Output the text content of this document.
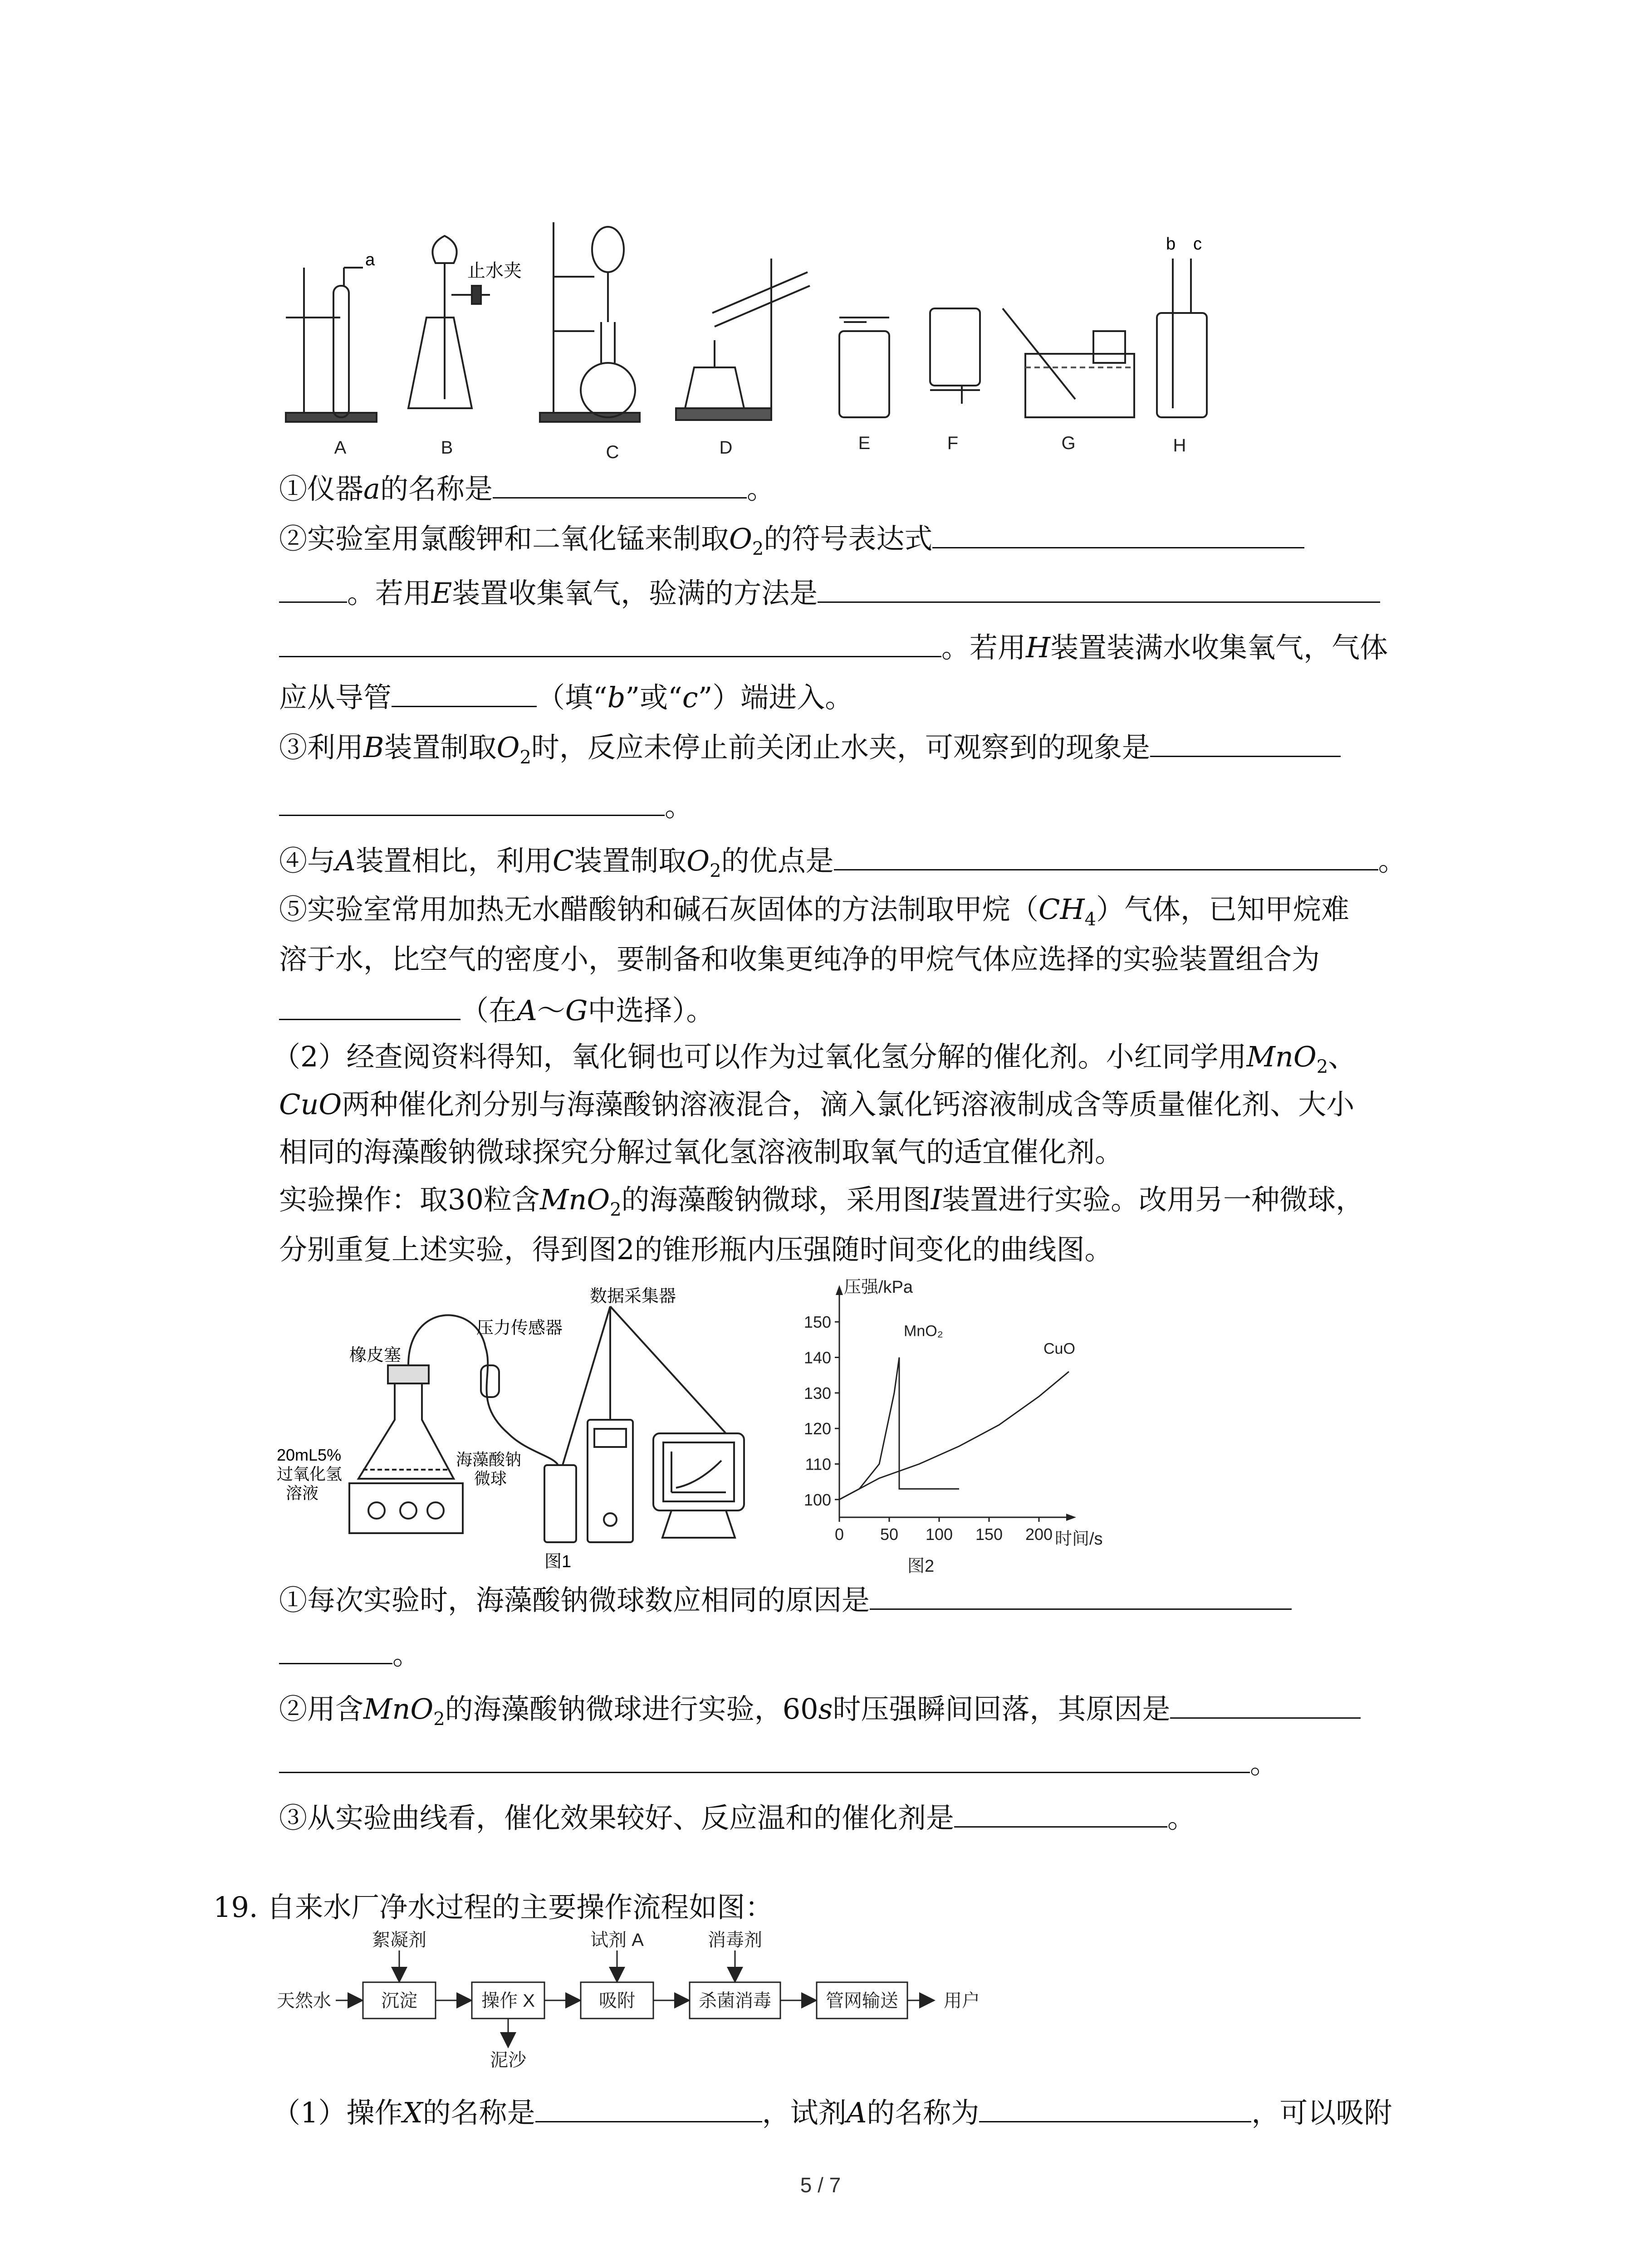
a
止水夹
b c
A	B	C	D	E	F	G	H
①仪器a的名称是	。
②实验室用氯酸钾和二氧化锰来制取$O_2$的符号表达式
。若用E装置收集氧气，验满的方法是
。若用H装置装满水收集氧气，气体
应从导管	（填“b”或“c”）端进入。
③利用B装置制取$O_2$时，反应未停止前关闭止水夹，可观察到的现象是
。
④与A装置相比，利用C装置制取$O_2$的优点是	。
⑤实验室常用加热无水醋酸钠和碱石灰固体的方法制取甲烷$(CH_4)$气体，已知甲烷难
溶于水，比空气的密度小，要制备和收集更纯净的甲烷气体应选择的实验装置组合为
（在A～G中选择）。
（2）经查阅资料得知，氧化铜也可以作为过氧化氢分解的催化剂。小红同学用MnO$_2$、
CuO两种催化剂分别与海藻酸钠溶液混合，滴入氯化钙溶液制成含等质量催化剂、大小
相同的海藻酸钠微球探究分解过氧化氢溶液制取氧气的适宜催化剂。
实验操作：取30粒含MnO$_2$的海藻酸钠微球，采用图I装置进行实验。改用另一种微球，
分别重复上述实验，得到图2的锥形瓶内压强随时间变化的曲线图。
压力传感器
数据采集器
橡皮塞
20mL5%
过氧化氢
溶液
海藻酸钠
微球
图1
压强/kPa
时间/s
图2
100
110
120
130
140
150
0 50 100 150 200
MnO₂
CuO
①每次实验时，海藻酸钠微球数应相同的原因是
。
②用含MnO$_2$的海藻酸钠微球进行实验，60s时压强瞬间回落，其原因是
。
③从实验曲线看，催化效果较好、反应温和的催化剂是	。
19. 自来水厂净水过程的主要操作流程如图：
天然水	沉淀	操作 X	吸附	杀菌消毒	管网输送	用户
絮凝剂	试剂 A	消毒剂
泥沙
（1）操作X的名称是	，试剂A的名称为	，可以吸附
5 / 7
